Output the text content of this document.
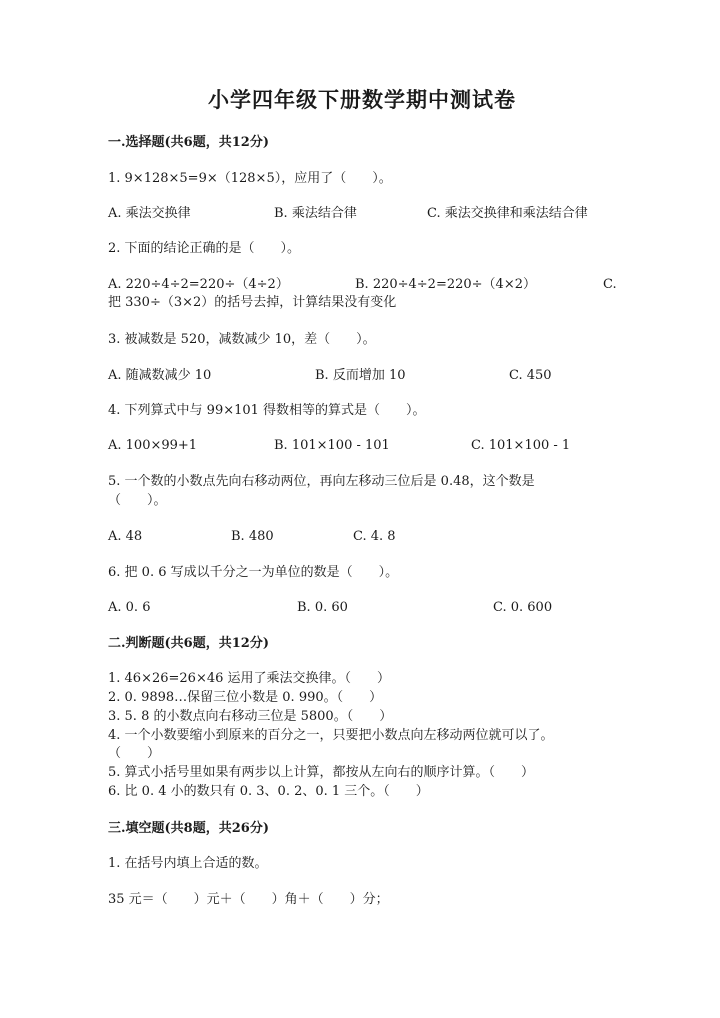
小学四年级下册数学期中测试卷
一.选择题(共6题，共12分)
1. 9×128×5=9×（128×5），应用了（　　）。
A. 乘法交换律	B. 乘法结合律	C. 乘法交换律和乘法结合律
2. 下面的结论正确的是（　　）。
A. 220÷4÷2=220÷（4÷2）	B. 220÷4÷2=220÷（4×2）	C.
把 330÷（3×2）的括号去掉，计算结果没有变化
3. 被减数是 520，减数减少 10，差（　　）。
A. 随减数减少 10	B. 反而增加 10	C. 450
4. 下列算式中与 99×101 得数相等的算式是（　　）。
A. 100×99+1	B. 101×100 - 101	C. 101×100 - 1
5. 一个数的小数点先向右移动两位，再向左移动三位后是 0.48，这个数是
（　　）。
A. 48	B. 480	C. 4. 8
6. 把 0. 6 写成以千分之一为单位的数是（　　）。
A. 0. 6	B. 0. 60	C. 0. 600
二.判断题(共6题，共12分)
1. 46×26=26×46 运用了乘法交换律。（　　）
2. 0. 9898…保留三位小数是 0. 990。（　　）
3. 5. 8 的小数点向右移动三位是 5800。（　　）
4. 一个小数要缩小到原来的百分之一，只要把小数点向左移动两位就可以了。
（　　）
5. 算式小括号里如果有两步以上计算，都按从左向右的顺序计算。（　　）
6. 比 0. 4 小的数只有 0. 3、0. 2、0. 1 三个。（　　）
三.填空题(共8题，共26分)
1. 在括号内填上合适的数。
35 元＝（　　）元＋（　　）角＋（　　）分；
